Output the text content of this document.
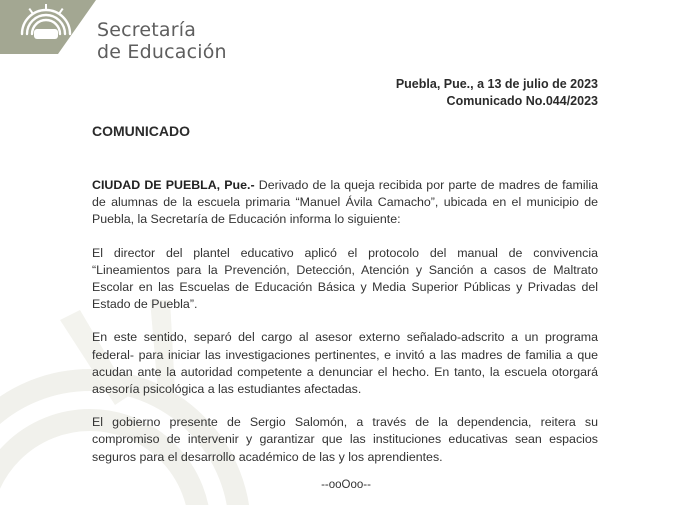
Secretaría
de Educación
Puebla, Pue., a 13 de julio de 2023
Comunicado No.044/2023
COMUNICADO

CIUDAD DE PUEBLA, Pue.- Derivado de la queja recibida por parte de madres de familia de alumnas de la escuela primaria “Manuel Ávila Camacho”, ubicada en el municipio de Puebla, la Secretaría de Educación informa lo siguiente:

El director del plantel educativo aplicó el protocolo del manual de convivencia “Lineamientos para la Prevención, Detección, Atención y Sanción a casos de Maltrato Escolar en las Escuelas de Educación Básica y Media Superior Públicas y Privadas del Estado de Puebla”.

En este sentido, separó del cargo al asesor externo señalado-adscrito a un programa federal- para iniciar las investigaciones pertinentes, e invitó a las madres de familia a que acudan ante la autoridad competente a denunciar el hecho. En tanto, la escuela otorgará asesoría psicológica a las estudiantes afectadas.

El gobierno presente de Sergio Salomón, a través de la dependencia, reitera su compromiso de intervenir y garantizar que las instituciones educativas sean espacios seguros para el desarrollo académico de las y los aprendientes.

--ooOoo--
